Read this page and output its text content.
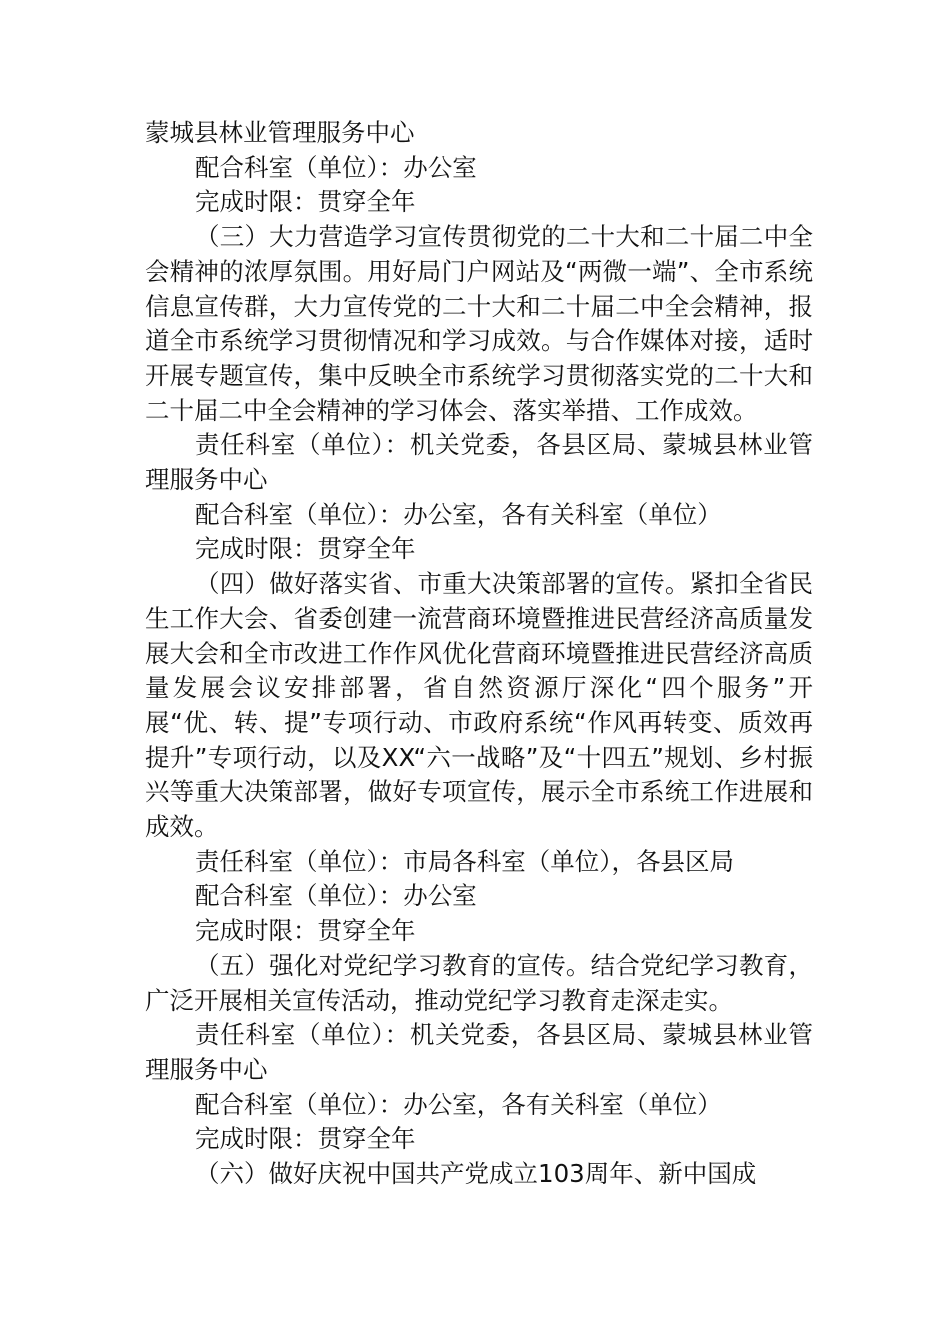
蒙城县林业管理服务中心

配合科室（单位）：办公室

完成时限：贯穿全年

（三）大力营造学习宣传贯彻党的二十大和二十届二中全会精神的浓厚氛围。用好局门户网站及“两微一端”、全市系统信息宣传群，大力宣传党的二十大和二十届二中全会精神，报道全市系统学习贯彻情况和学习成效。与合作媒体对接，适时开展专题宣传，集中反映全市系统学习贯彻落实党的二十大和二十届二中全会精神的学习体会、落实举措、工作成效。

责任科室（单位）：机关党委，各县区局、蒙城县林业管理服务中心

配合科室（单位）：办公室，各有关科室（单位）

完成时限：贯穿全年

（四）做好落实省、市重大决策部署的宣传。紧扣全省民生工作大会、省委创建一流营商环境暨推进民营经济高质量发展大会和全市改进工作作风优化营商环境暨推进民营经济高质量发展会议安排部署，省自然资源厅深化“四个服务”开展“优、转、提”专项行动、市政府系统“作风再转变、质效再提升”专项行动，以及XX“六一战略”及“十四五”规划、乡村振兴等重大决策部署，做好专项宣传，展示全市系统工作进展和成效。

责任科室（单位）：市局各科室（单位），各县区局

配合科室（单位）：办公室

完成时限：贯穿全年

（五）强化对党纪学习教育的宣传。结合党纪学习教育，广泛开展相关宣传活动，推动党纪学习教育走深走实。

责任科室（单位）：机关党委，各县区局、蒙城县林业管理服务中心

配合科室（单位）：办公室，各有关科室（单位）

完成时限：贯穿全年

（六）做好庆祝中国共产党成立103周年、新中国成
